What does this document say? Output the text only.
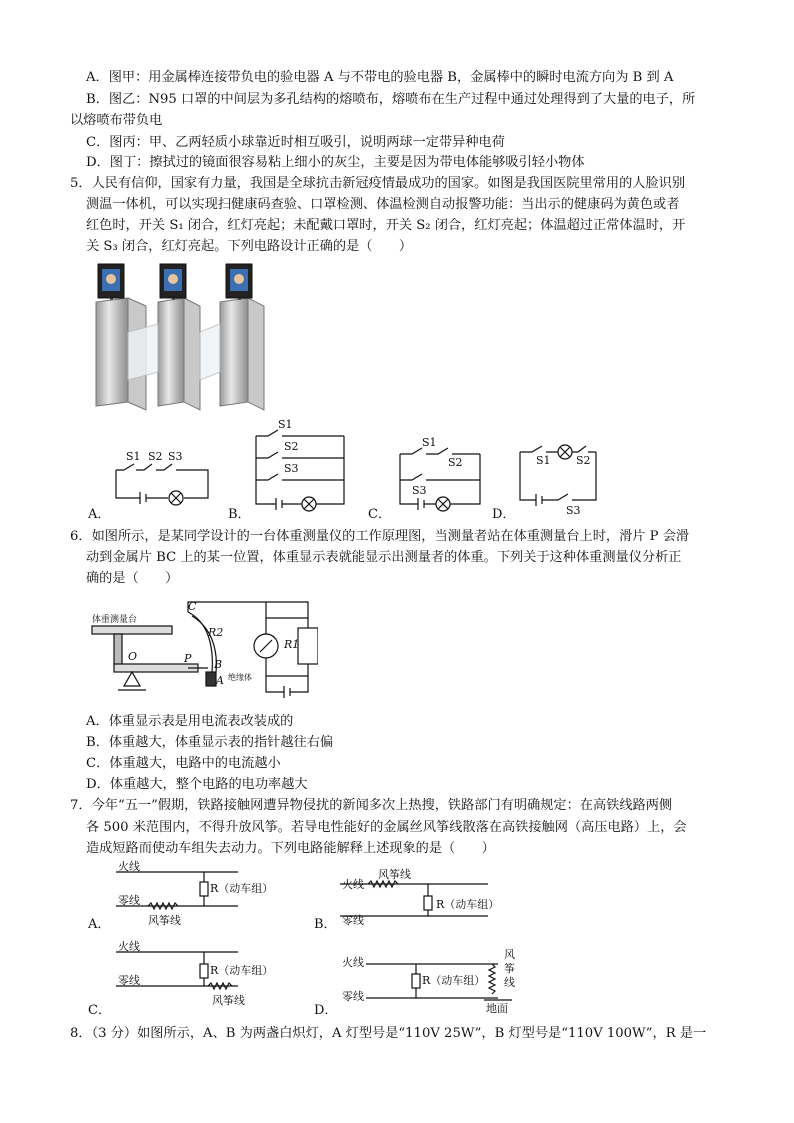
A．图甲：用金属棒连接带负电的验电器 A 与不带电的验电器 B，金属棒中的瞬时电流方向为 B 到 A
B．图乙：N95 口罩的中间层为多孔结构的熔喷布，熔喷布在生产过程中通过处理得到了大量的电子，所
以熔喷布带负电
C．图丙：甲、乙两轻质小球靠近时相互吸引，说明两球一定带异种电荷
D．图丁：擦拭过的镜面很容易粘上细小的灰尘，主要是因为带电体能够吸引轻小物体
5．人民有信仰，国家有力量，我国是全球抗击新冠疫情最成功的国家。如图是我国医院里常用的人脸识别
测温一体机，可以实现扫健康码查验、口罩检测、体温检测自动报警功能：当出示的健康码为黄色或者
红色时，开关 S₁ 闭合，红灯亮起；未配戴口罩时，开关 S₂ 闭合，红灯亮起；体温超过正常体温时，开
关 S₃ 闭合，红灯亮起。下列电路设计正确的是（　　）
S1 S2 S3
A．
S1
S2
S3
B．
S1
S2
S3
C．
S1 S2
S3
D．
6．如图所示，是某同学设计的一台体重测量仪的工作原理图，当测量者站在体重测量台上时，滑片 P 会滑
动到金属片 BC 上的某一位置，体重显示表就能显示出测量者的体重。下列关于这种体重测量仪分析正
确的是（　　）
体重测量台
O	P
C
B
A
R2
R1
绝缘体
A．体重显示表是用电流表改装成的
B．体重越大，体重显示表的指针越往右偏
C．体重越大，电路中的电流越小
D．体重越大，整个电路的电功率越大
7．今年“五一”假期，铁路接触网遭异物侵扰的新闻多次上热搜，铁路部门有明确规定：在高铁线路两侧
各 500 米范围内，不得升放风筝。若导电性能好的金属丝风筝线散落在高铁接触网（高压电路）上，会
造成短路而使动车组失去动力。下列电路能解释上述现象的是（　　）
火线
零线
R（动车组）
风筝线
A．
火线
零线
风筝线
R（动车组）
B．
火线
零线
R（动车组）
风筝线
C．
火线
零线
R（动车组）
风
筝
线
地面
D．
8．（3 分）如图所示，A、B 为两盏白炽灯，A 灯型号是“110V 25W”，B 灯型号是“110V 100W”，R 是一
